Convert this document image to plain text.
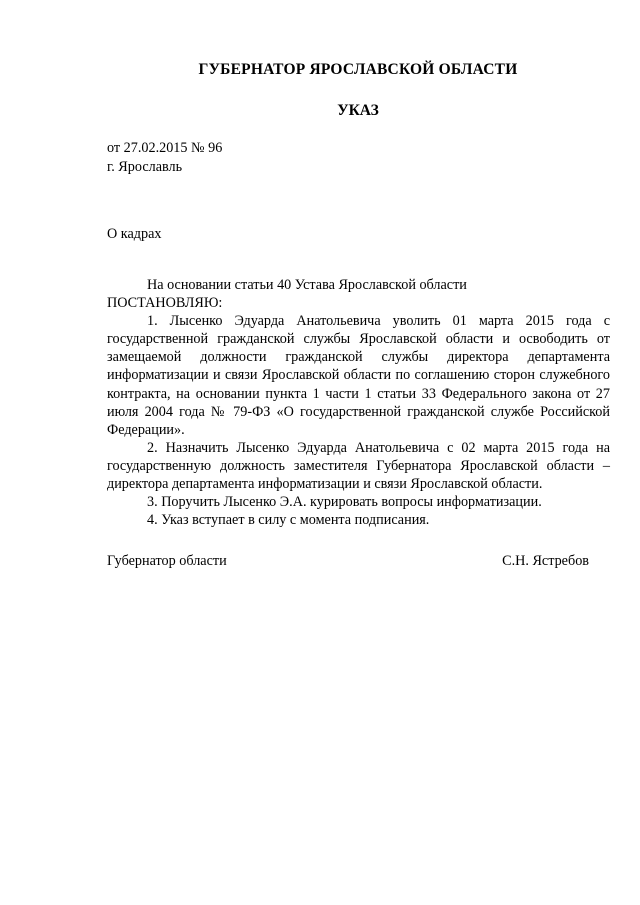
ГУБЕРНАТОР ЯРОСЛАВСКОЙ ОБЛАСТИ
УКАЗ
от 27.02.2015 № 96
г. Ярославль
О кадрах

На основании статьи 40 Устава Ярославской области

ПОСТАНОВЛЯЮ:

1. Лысенко Эдуарда Анатольевича уволить 01 марта 2015 года с государственной гражданской службы Ярославской области и освободить от замещаемой должности гражданской службы директора департамента информатизации и связи Ярославской области по соглашению сторон служебного контракта, на основании пункта 1 части 1 статьи 33 Федерального закона от 27 июля 2004 года № 79-ФЗ «О государственной гражданской службе Российской Федерации».

2. Назначить Лысенко Эдуарда Анатольевича с 02 марта 2015 года на государственную должность заместителя Губернатора Ярославской области – директора департамента информатизации и связи Ярославской области.

3. Поручить Лысенко Э.А. курировать вопросы информатизации.

4. Указ вступает в силу с момента подписания.

Губернатор области	С.Н. Ястребов
